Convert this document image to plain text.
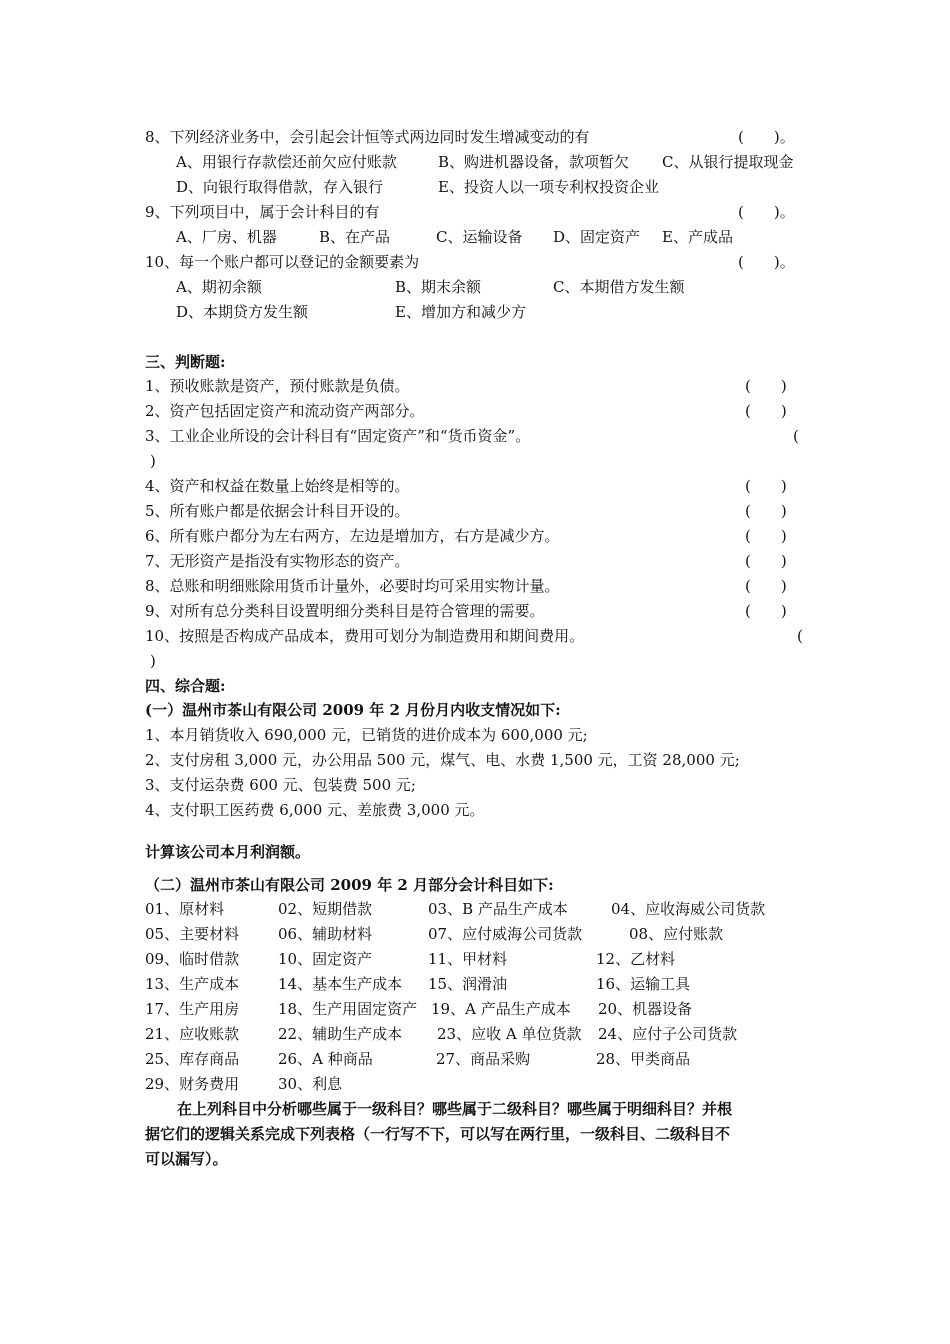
8、下列经济业务中，会引起会计恒等式两边同时发生增减变动的有	(　　)。
A、用银行存款偿还前欠应付账款	B、购进机器设备，款项暂欠 C、从银行提取现金
D、向银行取得借款，存入银行	E、投资人以一项专利权投资企业
9、下列项目中，属于会计科目的有	(　　)。
A、厂房、机器	B、在产品	C、运输设备 D、固定资产 E、产成品
10、每一个账户都可以登记的金额要素为	(　　)。
A、期初余额	B、期末余额	C、本期借方发生额
D、本期贷方发生额	E、增加方和减少方
三、判断题:
1、预收账款是资产，预付账款是负债。	(　　)
2、资产包括固定资产和流动资产两部分。	(　　)
3、工业企业所设的会计科目有“固定资产”和“货币资金”。	(
)
4、资产和权益在数量上始终是相等的。	(　　)
5、所有账户都是依据会计科目开设的。	(　　)
6、所有账户都分为左右两方，左边是增加方，右方是减少方。	(　　)
7、无形资产是指没有实物形态的资产。	(　　)
8、总账和明细账除用货币计量外，必要时均可采用实物计量。	(　　)
9、对所有总分类科目设置明细分类科目是符合管理的需要。	(　　)
10、按照是否构成产品成本，费用可划分为制造费用和期间费用。	(
)
四、综合题:
(一）温州市茶山有限公司 2009 年 2 月份月内收支情况如下:
1、本月销货收入 690,000 元，已销货的进价成本为 600,000 元;
2、支付房租 3,000 元，办公用品 500 元，煤气、电、水费 1,500 元，工资 28,000 元;
3、支付运杂费 600 元、包装费 500 元;
4、支付职工医药费 6,000 元、差旅费 3,000 元。
计算该公司本月利润额。
（二）温州市茶山有限公司 2009 年 2 月部分会计科目如下:
01、原材料	02、短期借款	03、B 产品生产成本	04、应收海威公司货款
05、主要材料	06、辅助材料	07、应付威海公司货款	08、应付账款
09、临时借款	10、固定资产	11、甲材料	12、乙材料
13、生产成本	14、基本生产成本 15、润滑油	16、运输工具
17、生产用房	18、生产用固定资产 19、A 产品生产成本 20、机器设备
21、应收账款	22、辅助生产成本 23、应收 A 单位货款 24、应付子公司货款
25、库存商品	26、A 种商品	27、商品采购	28、甲类商品
29、财务费用	30、利息
在上列科目中分析哪些属于一级科目？哪些属于二级科目？哪些属于明细科目？并根
据它们的逻辑关系完成下列表格（一行写不下，可以写在两行里，一级科目、二级科目不
可以漏写）。
